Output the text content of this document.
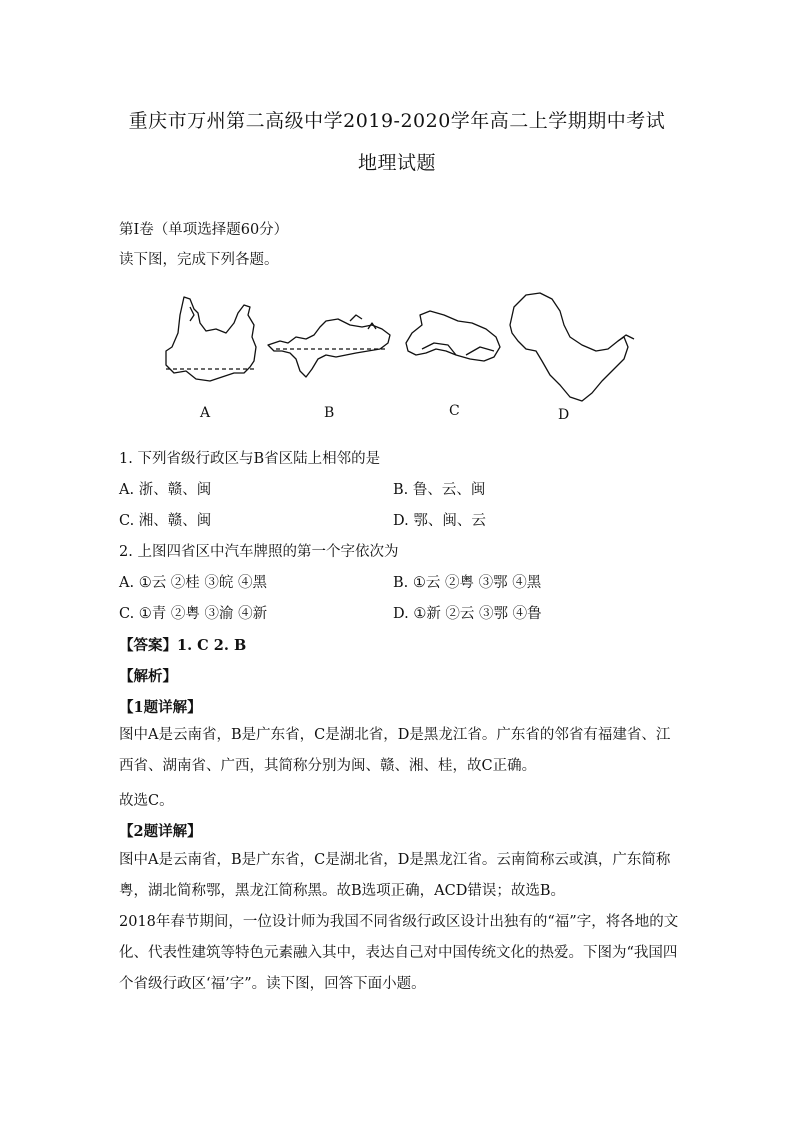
重庆市万州第二高级中学2019-2020学年高二上学期期中考试
地理试题
第Ⅰ卷（单项选择题60分）
读下图，完成下列各题。
A	B	C	D
1. 下列省级行政区与B省区陆上相邻的是
A. 浙、赣、闽	B. 鲁、云、闽
C. 湘、赣、闽	D. 鄂、闽、云
2. 上图四省区中汽车牌照的第一个字依次为
A. ①云 ②桂 ③皖 ④黑	B. ①云 ②粤 ③鄂 ④黑
C. ①青 ②粤 ③渝 ④新	D. ①新 ②云 ③鄂 ④鲁
【答案】1. C 2. B
【解析】
【1题详解】
图中A是云南省，B是广东省，C是湖北省，D是黑龙江省。广东省的邻省有福建省、江西省、湖南省、广西，其简称分别为闽、赣、湘、桂，故C正确。
故选C。
【2题详解】
图中A是云南省，B是广东省，C是湖北省，D是黑龙江省。云南简称云或滇，广东简称粤，湖北简称鄂，黑龙江简称黑。故B选项正确，ACD错误；故选B。
2018年春节期间，一位设计师为我国不同省级行政区设计出独有的“福”字，将各地的文化、代表性建筑等特色元素融入其中，表达自己对中国传统文化的热爱。下图为“我国四个省级行政区‘福’字”。读下图，回答下面小题。
